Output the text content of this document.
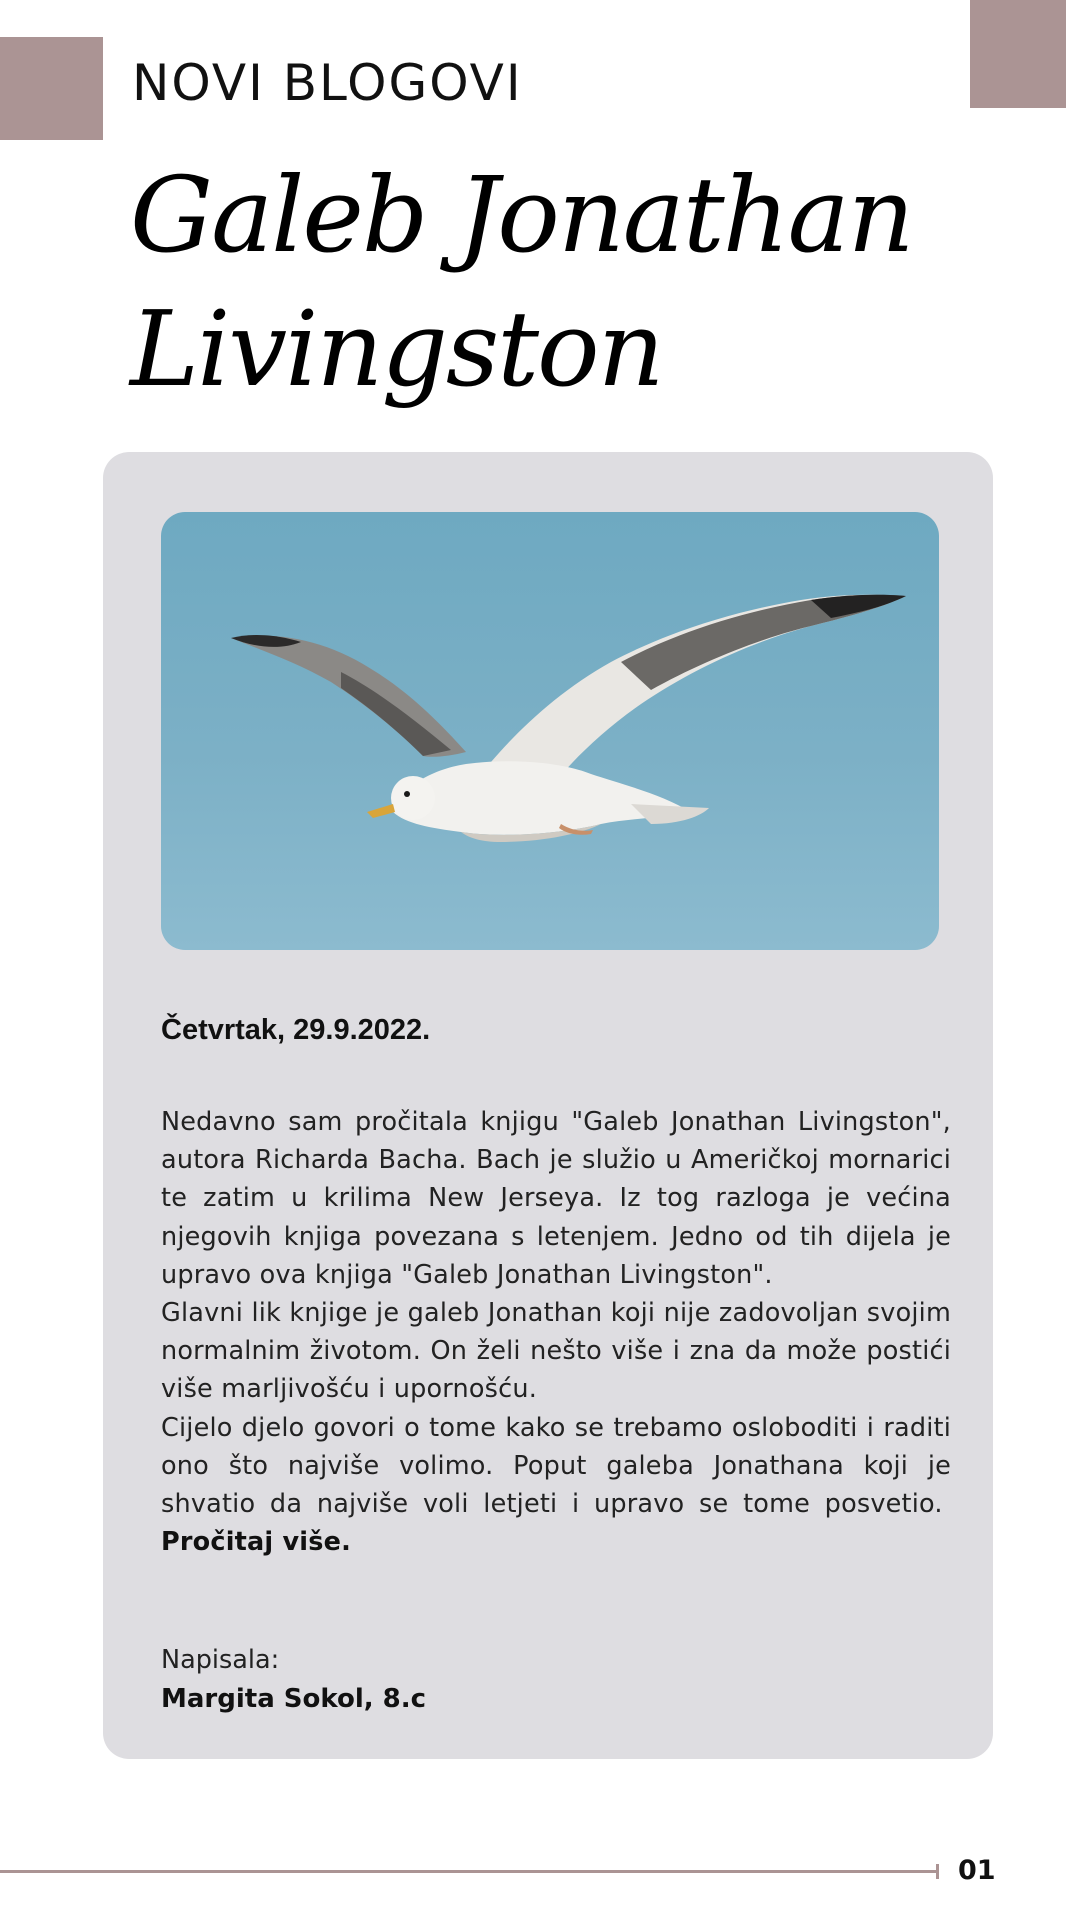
NOVI BLOGOVI
Galeb Jonathan Livingston
Četvrtak, 29.9.2022.

Nedavno sam pročitala knjigu "Galeb Jonathan Livingston", autora Richarda Bacha. Bach je služio u Američkoj mornarici te zatim u krilima New Jerseya. Iz tog razloga je većina njegovih knjiga povezana s letenjem. Jedno od tih dijela je upravo ova knjiga "Galeb Jonathan Livingston".

Glavni lik knjige je galeb Jonathan koji nije zadovoljan svojim normalnim životom. On želi nešto više i zna da može postići više marljivošću i upornošću.

Cijelo djelo govori o tome kako se trebamo osloboditi i raditi ono što najviše volimo. Poput galeba Jonathana koji je shvatio da najviše voli letjeti i upravo se tome posvetio.  Pročitaj više.

Napisala:
Margita Sokol, 8.c
01
